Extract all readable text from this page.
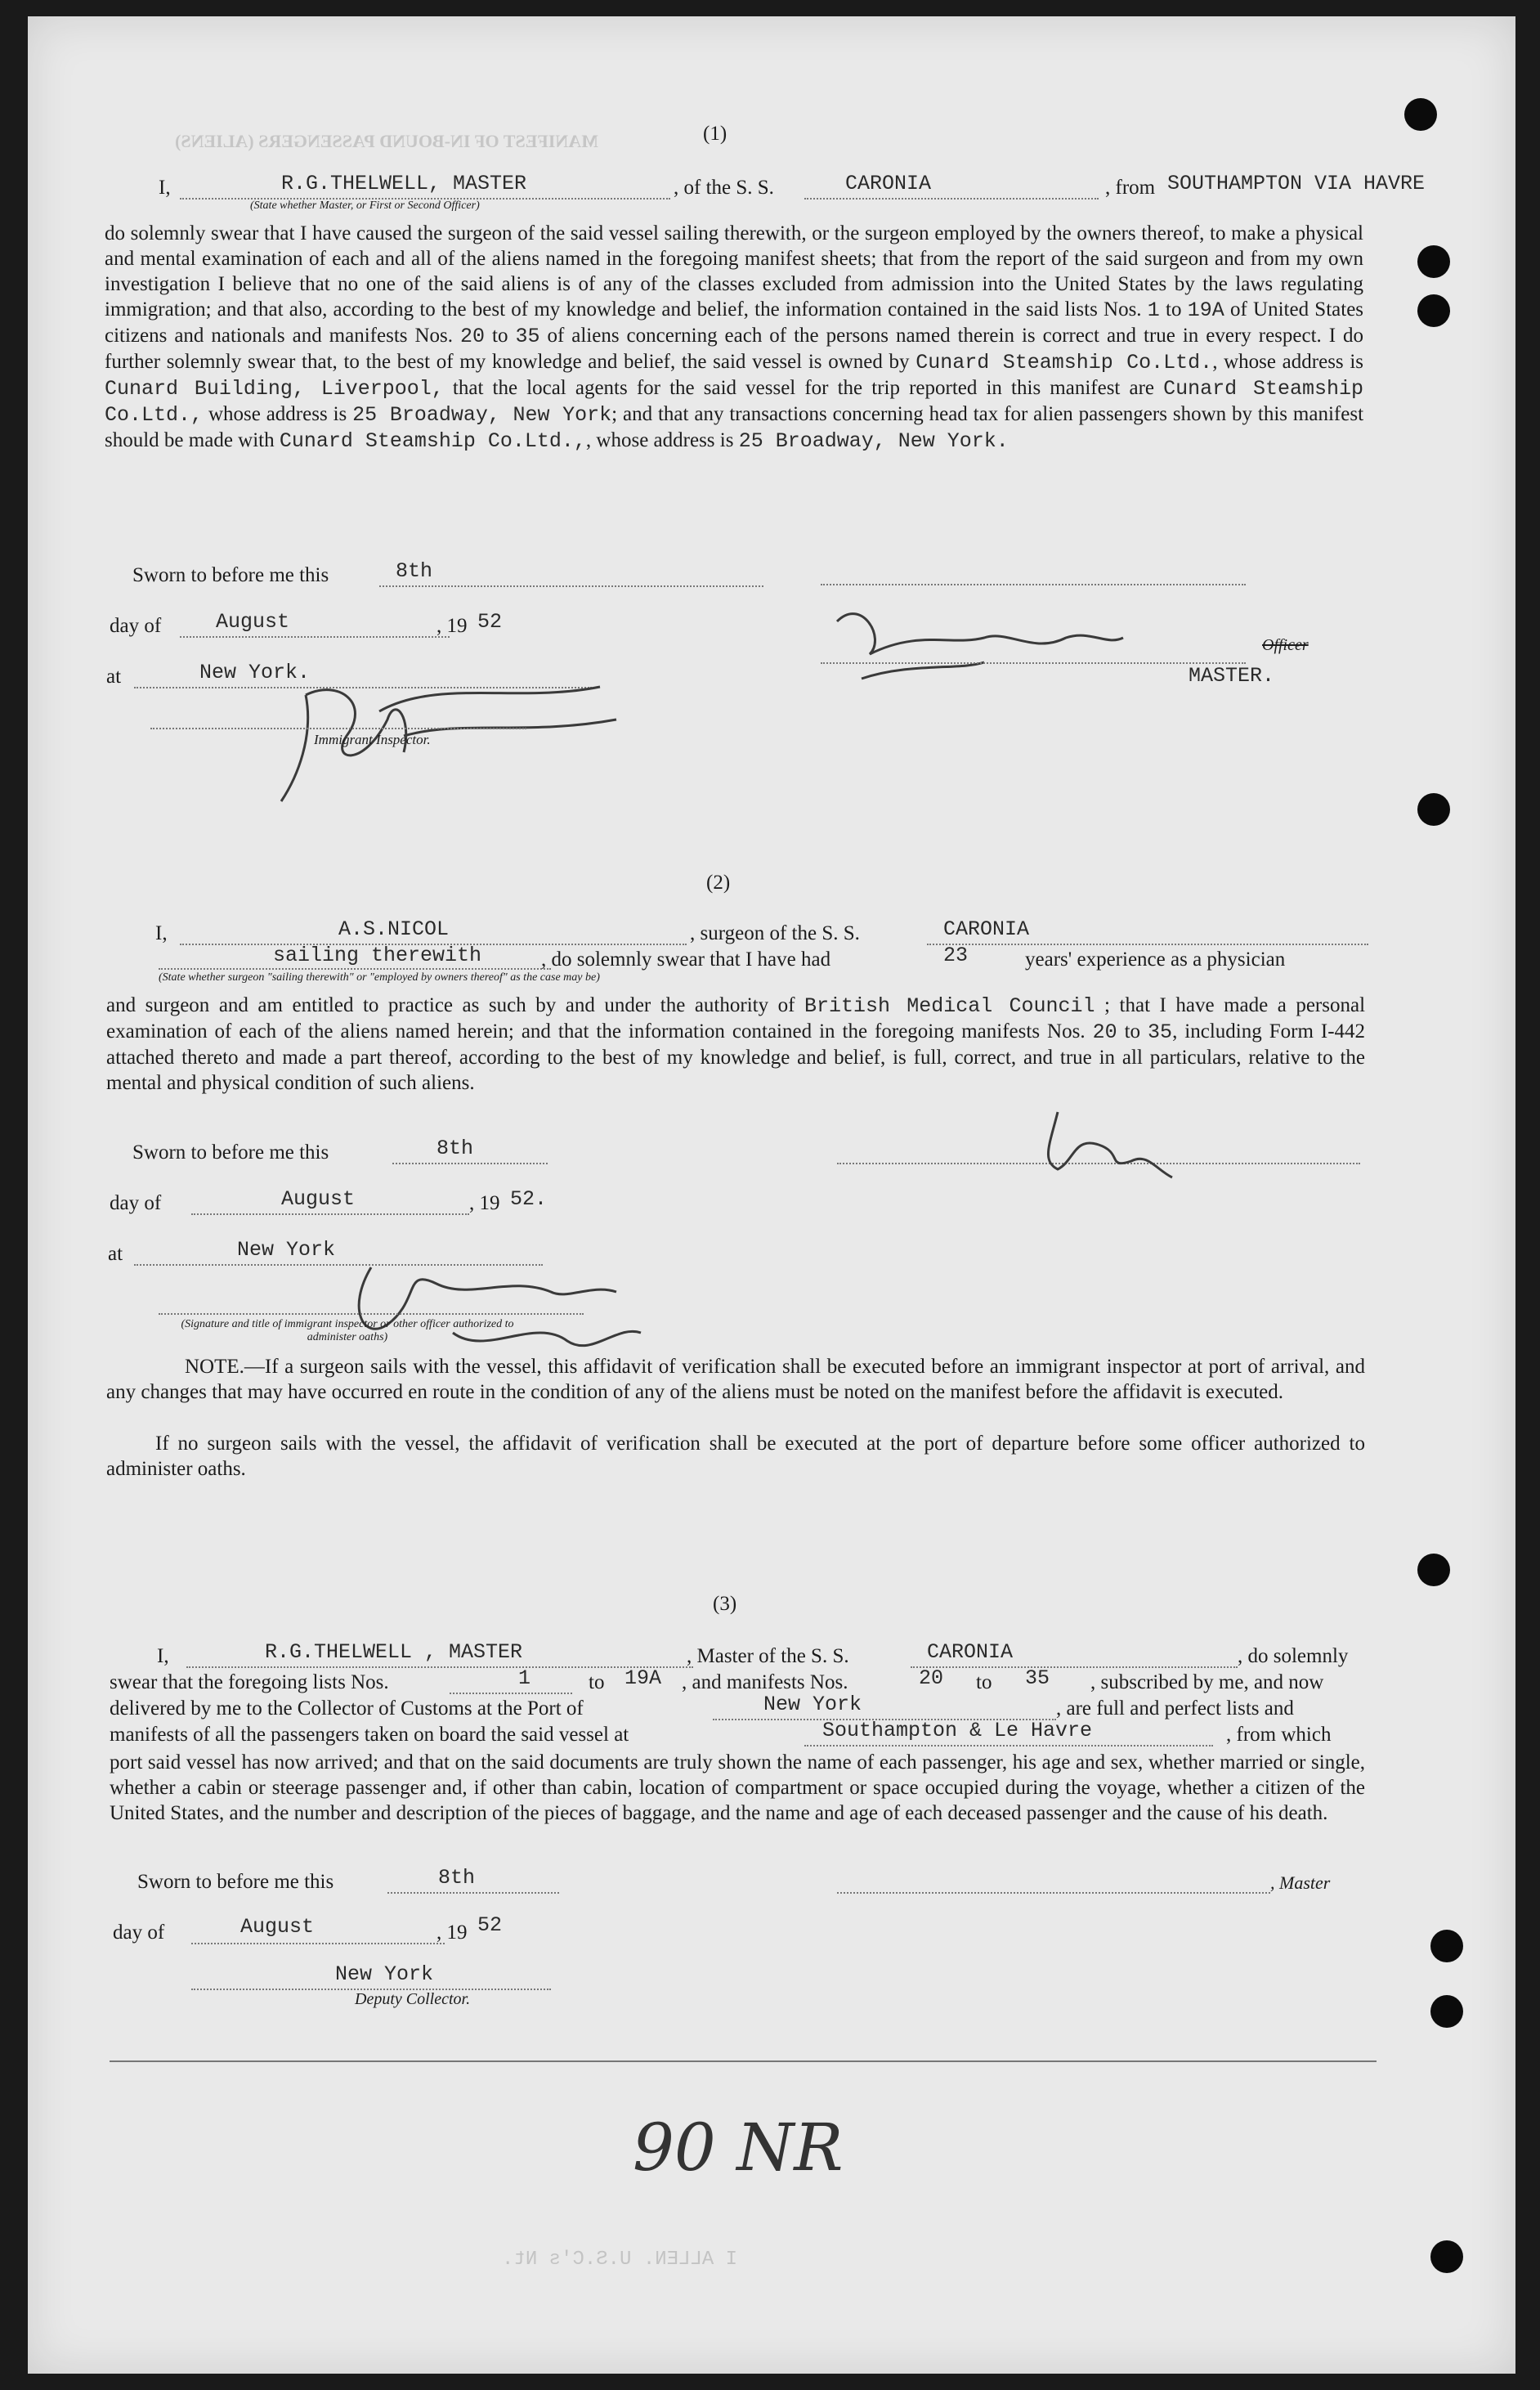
MANIFEST OF IN-BOUND PASSENGERS (ALIENS)	(1)
I,	R.G.THELWELL, MASTER
(State whether Master, or First or Second Officer)
, of the S. S.	CARONIA	, from SOUTHAMPTON VIA HAVRE
do solemnly swear that I have caused the surgeon of the said vessel sailing therewith, or the surgeon employed by the owners thereof, to make a physical and mental examination of each and all of the aliens named in the foregoing manifest sheets; that from the report of the said surgeon and from my own investigation I believe that no one of the said aliens is of any of the classes excluded from admission into the United States by the laws regulating immigration; and that also, according to the best of my knowledge and belief, the information contained in the said lists Nos. 1 to 19A of United States citizens and nationals and manifests Nos. 20 to 35 of aliens concerning each of the persons named therein is correct and true in every respect. I do further solemnly swear that, to the best of my knowledge and belief, the said vessel is owned by Cunard Steamship Co.Ltd., whose address is Cunard Building, Liverpool, that the local agents for the said vessel for the trip reported in this manifest are Cunard Steamship Co.Ltd., whose address is 25 Broadway, New York; and that any transactions concerning head tax for alien passengers shown by this manifest should be made with Cunard Steamship Co.Ltd.,, whose address is 25 Broadway, New York.
Sworn to before me this	8th
day of	August	, 19 52
at	New York.
Immigrant Inspector.
Officer
MASTER.
(2)
I,	A.S.NICOL	, surgeon of the S. S.	CARONIA
sailing therewith	, do solemnly swear that I have had	23	years' experience as a physician
(State whether surgeon "sailing therewith" or "employed by owners thereof" as the case may be)
and surgeon and am entitled to practice as such by and under the authority of British Medical Council ; that I have made a personal examination of each of the aliens named herein; and that the information contained in the foregoing manifests Nos. 20 to 35, including Form I-442 attached thereto and made a part thereof, according to the best of my knowledge and belief, is full, correct, and true in all particulars, relative to the mental and physical condition of such aliens.
Sworn to before me this	8th
day of	August	, 19 52.
at	New York
(Signature and title of immigrant inspector or other officer authorized to administer oaths)
NOTE.—If a surgeon sails with the vessel, this affidavit of verification shall be executed before an immigrant inspector at port of arrival, and any changes that may have occurred en route in the condition of any of the aliens must be noted on the manifest before the affidavit is executed.
If no surgeon sails with the vessel, the affidavit of verification shall be executed at the port of departure before some officer authorized to administer oaths.
(3)
I,	R.G.THELWELL , MASTER	, Master of the S. S.	CARONIA	, do solemnly
swear that the foregoing lists Nos.	1	to 19A , and manifests Nos.	20 to 35 , subscribed by me, and now
delivered by me to the Collector of Customs at the Port of	New York	, are full and perfect lists and
manifests of all the passengers taken on board the said vessel at	Southampton & Le Havre	, from which
port said vessel has now arrived; and that on the said documents are truly shown the name of each passenger, his age and sex, whether married or single, whether a cabin or steerage passenger and, if other than cabin, location of compartment or space occupied during the voyage, whether a citizen of the United States, and the number and description of the pieces of baggage, and the name and age of each deceased passenger and the cause of his death.
Sworn to before me this	8th	, Master
day of	August	, 19 52
New York
Deputy Collector.
90 NR
I ALLEN. U.S.C's Nt.
